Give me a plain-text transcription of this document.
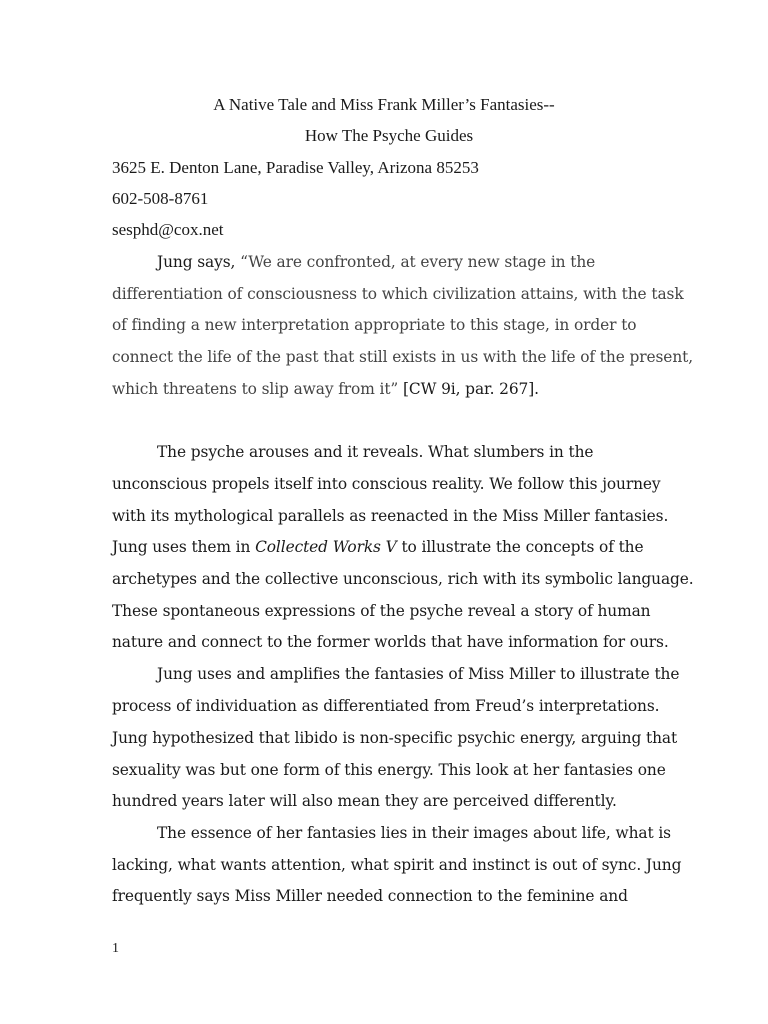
A Native Tale and Miss Frank Miller’s Fantasies--
How The Psyche Guides
3625 E. Denton Lane, Paradise Valley, Arizona 85253
602-508-8761
sesphd@cox.net
Jung says, “We are confronted, at every new stage in the
differentiation of consciousness to which civilization attains, with the task
of finding a new interpretation appropriate to this stage, in order to
connect the life of the past that still exists in us with the life of the present,
which threatens to slip away from it” [CW 9i, par. 267].
The psyche arouses and it reveals. What slumbers in the
unconscious propels itself into conscious reality. We follow this journey
with its mythological parallels as reenacted in the Miss Miller fantasies.
Jung uses them in Collected Works V to illustrate the concepts of the
archetypes and the collective unconscious, rich with its symbolic language.
These spontaneous expressions of the psyche reveal a story of human
nature and connect to the former worlds that have information for ours.
Jung uses and amplifies the fantasies of Miss Miller to illustrate the
process of individuation as differentiated from Freud’s interpretations.
Jung hypothesized that libido is non-specific psychic energy, arguing that
sexuality was but one form of this energy. This look at her fantasies one
hundred years later will also mean they are perceived differently.
The essence of her fantasies lies in their images about life, what is
lacking, what wants attention, what spirit and instinct is out of sync. Jung
frequently says Miss Miller needed connection to the feminine and
1
